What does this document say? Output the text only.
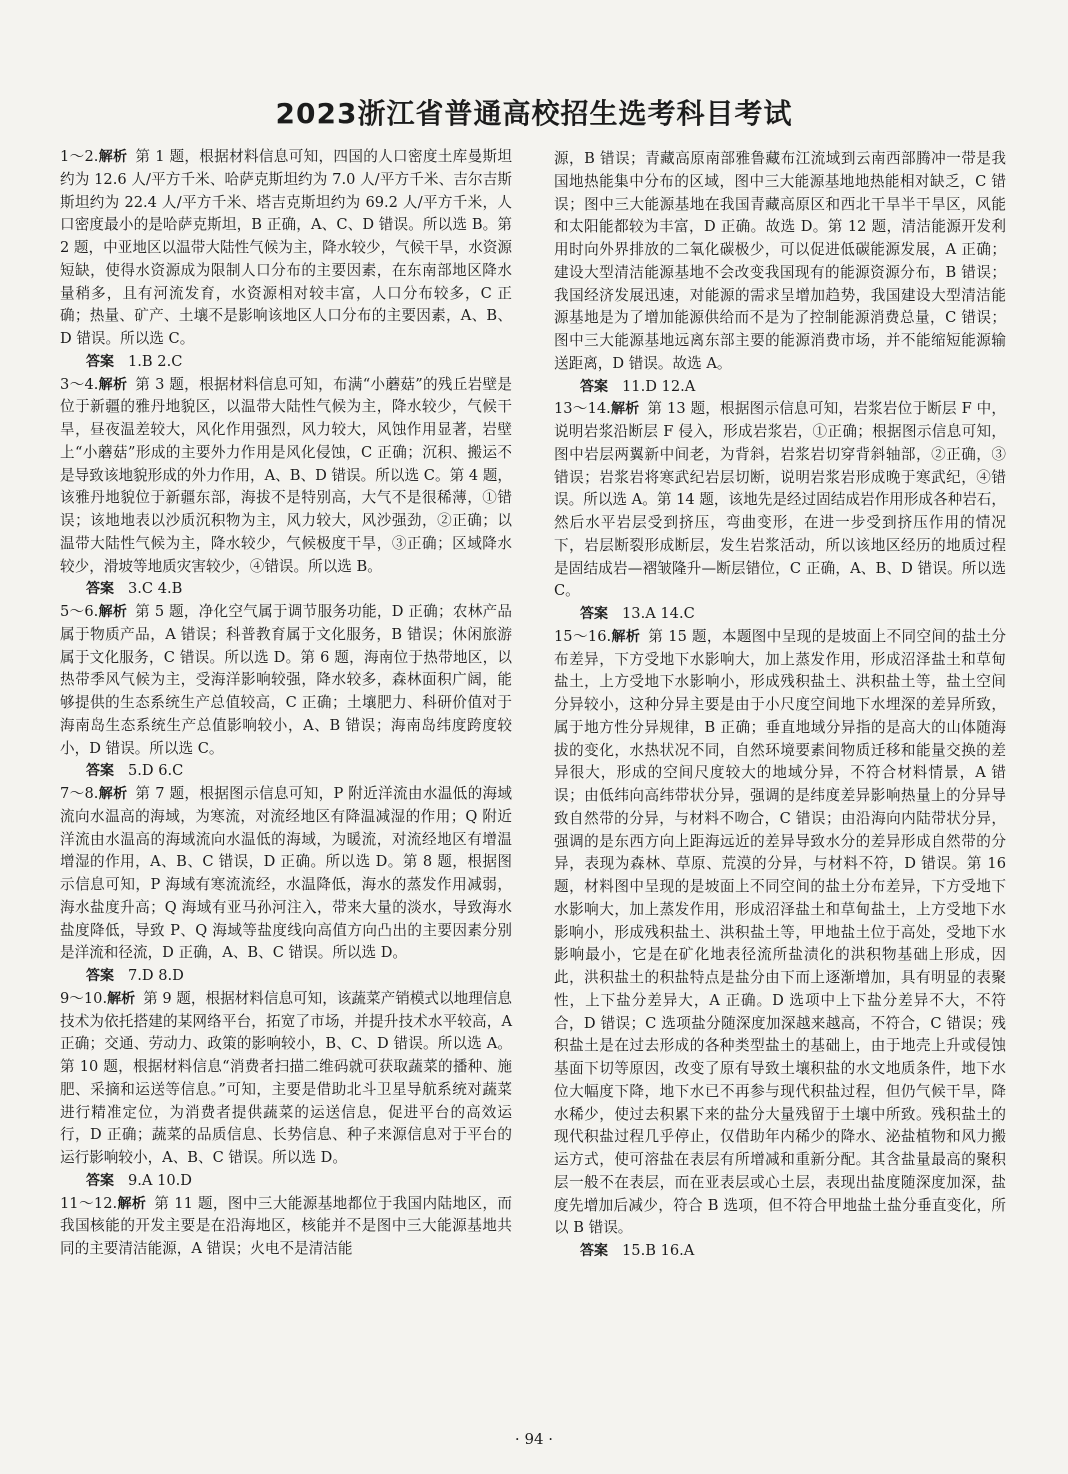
2023浙江省普通高校招生选考科目考试

1～2.解析 第 1 题，根据材料信息可知，四国的人口密度土库曼斯坦约为 12.6 人/平方千米、哈萨克斯坦约为 7.0 人/平方千米、吉尔吉斯斯坦约为 22.4 人/平方千米、塔吉克斯坦约为 69.2 人/平方千米，人口密度最小的是哈萨克斯坦，B 正确，A、C、D 错误。所以选 B。第 2 题，中亚地区以温带大陆性气候为主，降水较少，气候干旱，水资源短缺，使得水资源成为限制人口分布的主要因素，在东南部地区降水量稍多，且有河流发育，水资源相对较丰富，人口分布较多，C 正确；热量、矿产、土壤不是影响该地区人口分布的主要因素，A、B、D 错误。所以选 C。

答案 1.B 2.C

3～4.解析 第 3 题，根据材料信息可知，布满“小蘑菇”的残丘岩壁是位于新疆的雅丹地貌区，以温带大陆性气候为主，降水较少，气候干旱，昼夜温差较大，风化作用强烈，风力较大，风蚀作用显著，岩壁上“小蘑菇”形成的主要外力作用是风化侵蚀，C 正确；沉积、搬运不是导致该地貌形成的外力作用，A、B、D 错误。所以选 C。第 4 题，该雅丹地貌位于新疆东部，海拔不是特别高，大气不是很稀薄，①错误；该地地表以沙质沉积物为主，风力较大，风沙强劲，②正确；以温带大陆性气候为主，降水较少，气候极度干旱，③正确；区域降水较少，滑坡等地质灾害较少，④错误。所以选 B。

答案 3.C 4.B

5～6.解析 第 5 题，净化空气属于调节服务功能，D 正确；农林产品属于物质产品，A 错误；科普教育属于文化服务，B 错误；休闲旅游属于文化服务，C 错误。所以选 D。第 6 题，海南位于热带地区，以热带季风气候为主，受海洋影响较强，降水较多，森林面积广阔，能够提供的生态系统生产总值较高，C 正确；土壤肥力、科研价值对于海南岛生态系统生产总值影响较小，A、B 错误；海南岛纬度跨度较小，D 错误。所以选 C。

答案 5.D 6.C

7～8.解析 第 7 题，根据图示信息可知，P 附近洋流由水温低的海域流向水温高的海域，为寒流，对流经地区有降温减湿的作用；Q 附近洋流由水温高的海域流向水温低的海域，为暖流，对流经地区有增温增湿的作用，A、B、C 错误，D 正确。所以选 D。第 8 题，根据图示信息可知，P 海域有寒流流经，水温降低，海水的蒸发作用减弱，海水盐度升高；Q 海域有亚马孙河注入，带来大量的淡水，导致海水盐度降低，导致 P、Q 海域等盐度线向高值方向凸出的主要因素分别是洋流和径流，D 正确，A、B、C 错误。所以选 D。

答案 7.D 8.D

9～10.解析 第 9 题，根据材料信息可知，该蔬菜产销模式以地理信息技术为依托搭建的某网络平台，拓宽了市场，并提升技术水平较高，A 正确；交通、劳动力、政策的影响较小，B、C、D 错误。所以选 A。第 10 题，根据材料信息“消费者扫描二维码就可获取蔬菜的播种、施肥、采摘和运送等信息。”可知，主要是借助北斗卫星导航系统对蔬菜进行精准定位，为消费者提供蔬菜的运送信息，促进平台的高效运行，D 正确；蔬菜的品质信息、长势信息、种子来源信息对于平台的运行影响较小，A、B、C 错误。所以选 D。

答案 9.A 10.D

11～12.解析 第 11 题，图中三大能源基地都位于我国内陆地区，而我国核能的开发主要是在沿海地区，核能并不是图中三大能源基地共同的主要清洁能源，A 错误；火电不是清洁能

源，B 错误；青藏高原南部雅鲁藏布江流域到云南西部腾冲一带是我国地热能集中分布的区域，图中三大能源基地地热能相对缺乏，C 错误；图中三大能源基地在我国青藏高原区和西北干旱半干旱区，风能和太阳能都较为丰富，D 正确。故选 D。第 12 题，清洁能源开发利用时向外界排放的二氧化碳极少，可以促进低碳能源发展，A 正确；建设大型清洁能源基地不会改变我国现有的能源资源分布，B 错误；我国经济发展迅速，对能源的需求呈增加趋势，我国建设大型清洁能源基地是为了增加能源供给而不是为了控制能源消费总量，C 错误；图中三大能源基地远离东部主要的能源消费市场，并不能缩短能源输送距离，D 错误。故选 A。

答案 11.D 12.A

13～14.解析 第 13 题，根据图示信息可知，岩浆岩位于断层 F 中，说明岩浆沿断层 F 侵入，形成岩浆岩，①正确；根据图示信息可知，图中岩层两翼新中间老，为背斜，岩浆岩切穿背斜轴部，②正确，③错误；岩浆岩将寒武纪岩层切断，说明岩浆岩形成晚于寒武纪，④错误。所以选 A。第 14 题，该地先是经过固结成岩作用形成各种岩石，然后水平岩层受到挤压，弯曲变形，在进一步受到挤压作用的情况下，岩层断裂形成断层，发生岩浆活动，所以该地区经历的地质过程是固结成岩—褶皱隆升—断层错位，C 正确，A、B、D 错误。所以选 C。

答案 13.A 14.C

15～16.解析 第 15 题，本题图中呈现的是坡面上不同空间的盐土分布差异，下方受地下水影响大，加上蒸发作用，形成沼泽盐土和草甸盐土，上方受地下水影响小，形成残积盐土、洪积盐土等，盐土空间分异较小，这种分异主要是由于小尺度空间地下水埋深的差异所致，属于地方性分异规律，B 正确；垂直地域分异指的是高大的山体随海拔的变化，水热状况不同，自然环境要素间物质迁移和能量交换的差异很大，形成的空间尺度较大的地域分异，不符合材料情景，A 错误；由低纬向高纬带状分异，强调的是纬度差异影响热量上的分异导致自然带的分异，与材料不吻合，C 错误；由沿海向内陆带状分异，强调的是东西方向上距海远近的差异导致水分的差异形成自然带的分异，表现为森林、草原、荒漠的分异，与材料不符，D 错误。第 16 题，材料图中呈现的是坡面上不同空间的盐土分布差异，下方受地下水影响大，加上蒸发作用，形成沼泽盐土和草甸盐土，上方受地下水影响小，形成残积盐土、洪积盐土等，甲地盐土位于高处，受地下水影响最小，它是在矿化地表径流所盐渍化的洪积物基础上形成，因此，洪积盐土的积盐特点是盐分由下而上逐渐增加，具有明显的表聚性，上下盐分差异大，A 正确。D 选项中上下盐分差异不大，不符合，D 错误；C 选项盐分随深度加深越来越高，不符合，C 错误；残积盐土是在过去形成的各种类型盐土的基础上，由于地壳上升或侵蚀基面下切等原因，改变了原有导致土壤积盐的水文地质条件，地下水位大幅度下降，地下水已不再参与现代积盐过程，但仍气候干旱，降水稀少，使过去积累下来的盐分大量残留于土壤中所致。残积盐土的现代积盐过程几乎停止，仅借助年内稀少的降水、泌盐植物和风力搬运方式，使可溶盐在表层有所增减和重新分配。其含盐量最高的聚积层一般不在表层，而在亚表层或心土层，表现出盐度随深度加深，盐度先增加后减少，符合 B 选项，但不符合甲地盐土盐分垂直变化，所以 B 错误。

答案 15.B 16.A

· 94 ·
